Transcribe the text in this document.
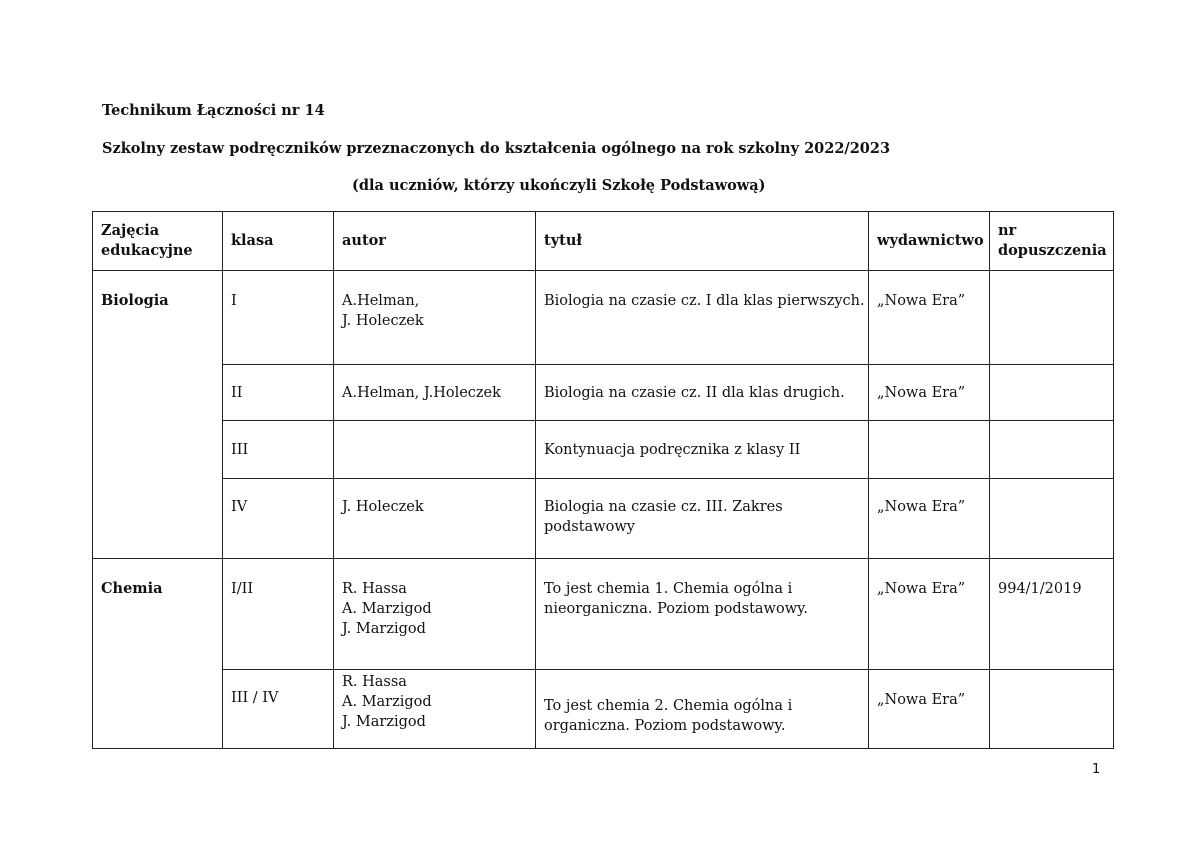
Technikum Łączności nr 14
Szkolny zestaw podręczników przeznaczonych do kształcenia ogólnego na rok szkolny 2022/2023
(dla uczniów, którzy ukończyli Szkołę Podstawową)
Zajęcia edukacyjne	klasa	autor	tytuł	wydawnictwo	nr dopuszczenia
Biologia	I	A.Helman,
J. Holeczek	Biologia na czasie cz. I dla klas pierwszych.	„Nowa Era”	
	II	A.Helman, J.Holeczek	Biologia na czasie cz. II dla klas drugich.	„Nowa Era”	
	III		Kontynuacja podręcznika z klasy II		
	IV	J. Holeczek	Biologia na czasie cz. III. Zakres podstawowy	„Nowa Era”	
Chemia	I/II	R. Hassa
A. Marzigod
J. Marzigod	To jest chemia 1. Chemia ogólna i nieorganiczna. Poziom podstawowy.	„Nowa Era”	994/1/2019
	III / IV	R. Hassa
A. Marzigod
J. Marzigod	To jest chemia 2. Chemia ogólna i organiczna. Poziom podstawowy.	„Nowa Era”	
1
